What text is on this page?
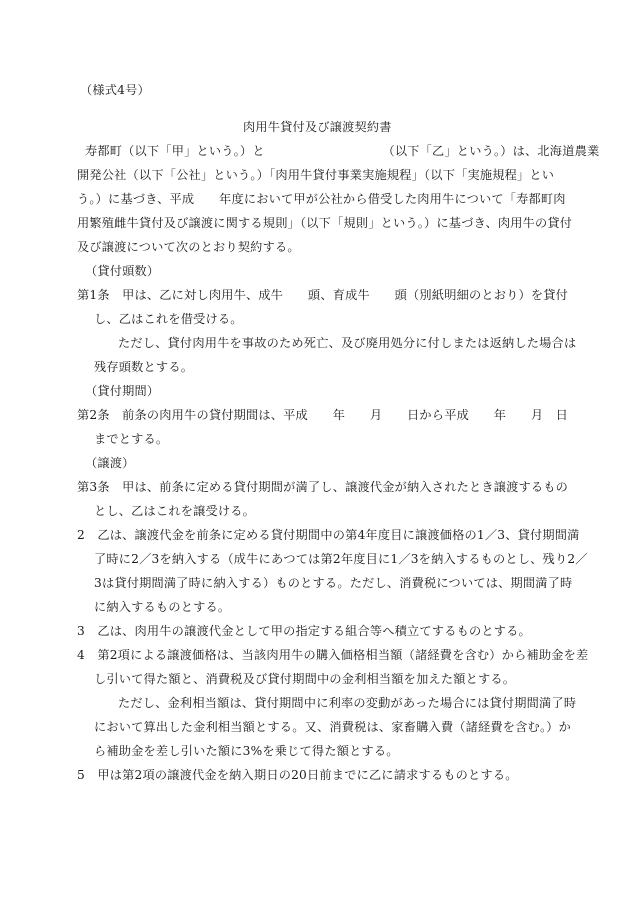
（様式4号）
肉用牛貸付及び譲渡契約書
寿都町（以下「甲」という。）と　　　　　　　　　　（以下「乙」という。）は、北海道農業
開発公社（以下「公社」という。）「肉用牛貸付事業実施規程」（以下「実施規程」とい
う。）に基づき、平成　　年度において甲が公社から借受した肉用牛について「寿都町肉
用繁殖雌牛貸付及び譲渡に関する規則」（以下「規則」という。）に基づき、肉用牛の貸付
及び譲渡について次のとおり契約する。
（貸付頭数）
第1条　甲は、乙に対し肉用牛、成牛　　頭、育成牛　　頭（別紙明細のとおり）を貸付
し、乙はこれを借受ける。
ただし、貸付肉用牛を事故のため死亡、及び廃用処分に付しまたは返納した場合は
残存頭数とする。
（貸付期間）
第2条　前条の肉用牛の貸付期間は、平成　　年　　月　　日から平成　　年　　月　日
までとする。
（譲渡）
第3条　甲は、前条に定める貸付期間が満了し、譲渡代金が納入されたとき譲渡するもの
とし、乙はこれを譲受ける。
2　乙は、譲渡代金を前条に定める貸付期間中の第4年度目に譲渡価格の1／3、貸付期間満
了時に2／3を納入する（成牛にあつては第2年度目に1／3を納入するものとし、残り2／
3は貸付期間満了時に納入する）ものとする。ただし、消費税については、期間満了時
に納入するものとする。
3　乙は、肉用牛の譲渡代金として甲の指定する組合等へ積立てするものとする。
4　第2項による譲渡価格は、当該肉用牛の購入価格相当額（諸経費を含む）から補助金を差
し引いて得た額と、消費税及び貸付期間中の金利相当額を加えた額とする。
ただし、金利相当額は、貸付期間中に利率の変動があった場合には貸付期間満了時
において算出した金利相当額とする。又、消費税は、家畜購入費（諸経費を含む。）か
ら補助金を差し引いた額に3%を乗じて得た額とする。
5　甲は第2項の譲渡代金を納入期日の20日前までに乙に請求するものとする。
